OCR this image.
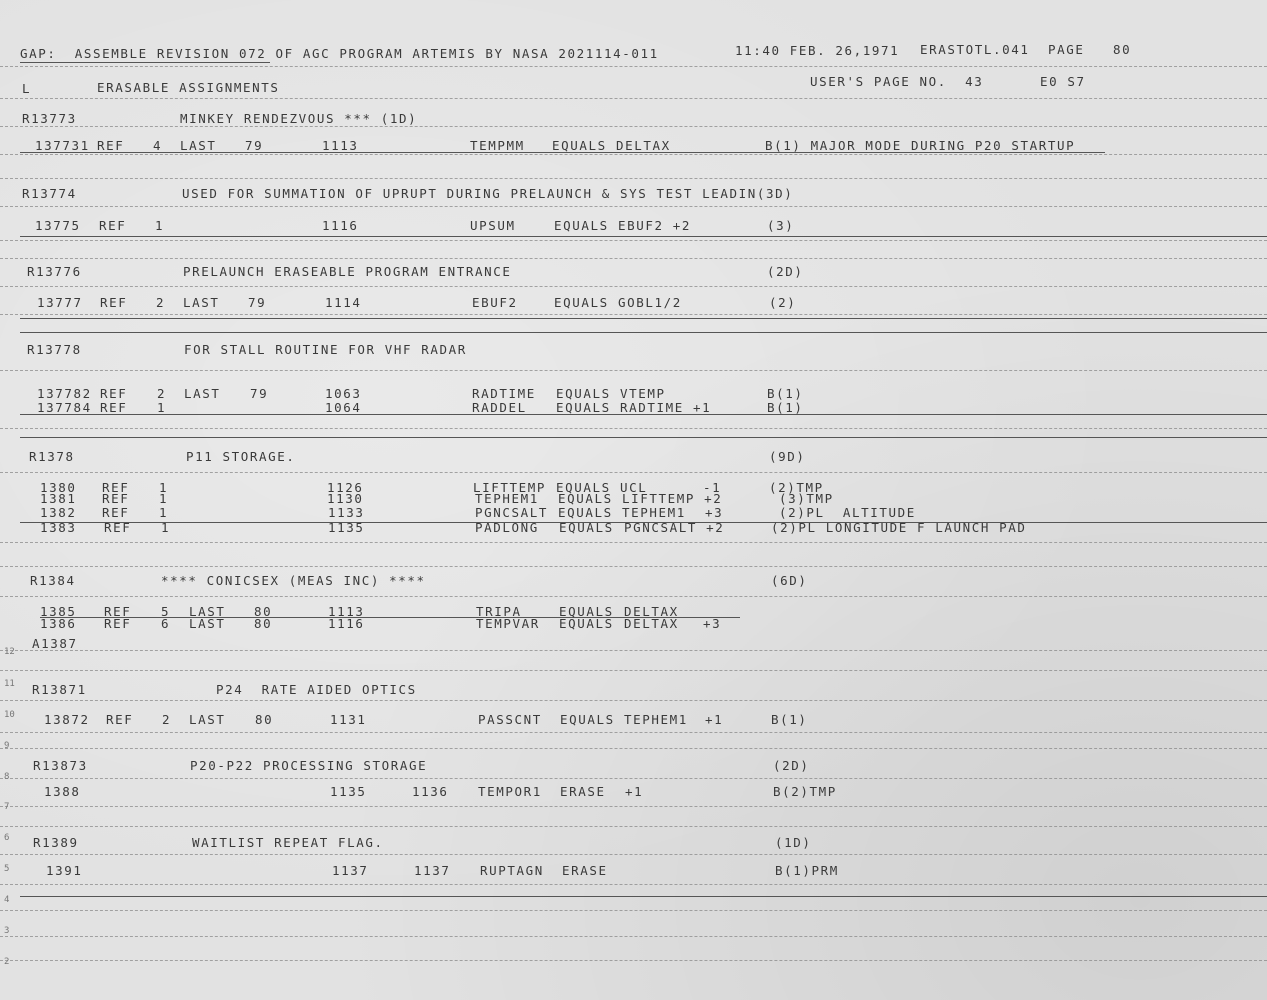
GAP:  ASSEMBLE REVISION 072 OF AGC PROGRAM ARTEMIS BY NASA 2021114-011	11:40 FEB. 26,1971 ERASTOTL.041 PAGE 80
L	ERASABLE ASSIGNMENTS	USER'S PAGE NO.  43	E0 S7
R13773	MINKEY RENDEZVOUS *** (1D)
137731 REF 4 LAST 79	1113	TEMPMM EQUALS DELTAX	B(1) MAJOR MODE DURING P20 STARTUP
R13774	USED FOR SUMMATION OF UPRUPT DURING PRELAUNCH & SYS TEST LEADIN(3D)
13775 REF 1	1116	UPSUM	EQUALS EBUF2 +2	(3)
R13776	PRELAUNCH ERASEABLE PROGRAM ENTRANCE	(2D)
13777 REF 2 LAST 79	1114	EBUF2	EQUALS GOBL1/2	(2)
R13778	FOR STALL ROUTINE FOR VHF RADAR
137782 REF 2 LAST 79	1063	RADTIME EQUALS VTEMP	B(1)
137784 REF 1	1064	RADDEL EQUALS RADTIME +1	B(1)
R1378	P11 STORAGE.	(9D)
1380 REF 1	1126	LIFTTEMP EQUALS UCL	-1	(2)TMP
1381 REF 1	1130	TEPHEM1 EQUALS LIFTTEMP +2	(3)TMP
1382 REF 1	1133	PGNCSALT EQUALS TEPHEM1 +3	(2)PL  ALTITUDE
1383 REF 1	1135	PADLONG EQUALS PGNCSALT +2	(2)PL LONGITUDE F LAUNCH PAD
R1384	**** CONICSEX (MEAS INC) ****	(6D)
1385 REF 5 LAST 80	1113	TRIPA	EQUALS DELTAX
1386 REF 6 LAST 80	1116	TEMPVAR EQUALS DELTAX +3
A1387
R13871	P24  RATE AIDED OPTICS
13872 REF 2 LAST 80	1131	PASSCNT EQUALS TEPHEM1 +1	B(1)
R13873	P20-P22 PROCESSING STORAGE	(2D)
1388	1135	1136 TEMPOR1 ERASE +1	B(2)TMP
R1389	WAITLIST REPEAT FLAG.	(1D)
1391	1137	1137 RUPTAGN ERASE	B(1)PRM
12
11
10
9
8
7
6
5
4
3
2
